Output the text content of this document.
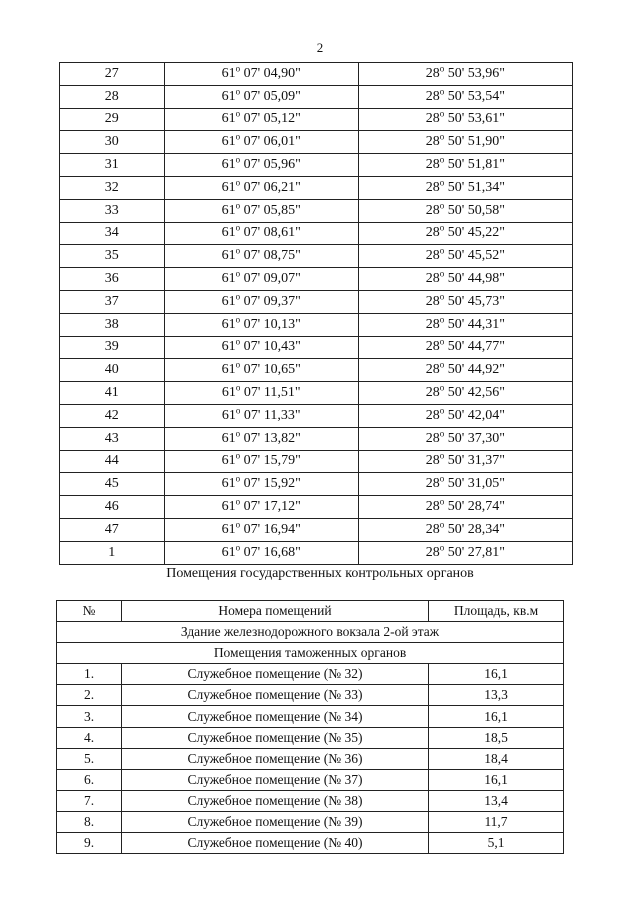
2
27	61$^o$ 07' 04,90"	28$^o$ 50' 53,96"
28	61$^o$ 07' 05,09"	28$^o$ 50' 53,54"
29	61$^o$ 07' 05,12"	28$^o$ 50' 53,61"
30	61$^o$ 07' 06,01"	28$^o$ 50' 51,90"
31	61$^o$ 07' 05,96"	28$^o$ 50' 51,81"
32	61$^o$ 07' 06,21"	28$^o$ 50' 51,34"
33	61$^o$ 07' 05,85"	28$^o$ 50' 50,58"
34	61$^o$ 07' 08,61"	28$^o$ 50' 45,22"
35	61$^o$ 07' 08,75"	28$^o$ 50' 45,52"
36	61$^o$ 07' 09,07"	28$^o$ 50' 44,98"
37	61$^o$ 07' 09,37"	28$^o$ 50' 45,73"
38	61$^o$ 07' 10,13"	28$^o$ 50' 44,31"
39	61$^o$ 07' 10,43"	28$^o$ 50' 44,77"
40	61$^o$ 07' 10,65"	28$^o$ 50' 44,92"
41	61$^o$ 07' 11,51"	28$^o$ 50' 42,56"
42	61$^o$ 07' 11,33"	28$^o$ 50' 42,04"
43	61$^o$ 07' 13,82"	28$^o$ 50' 37,30"
44	61$^o$ 07' 15,79"	28$^o$ 50' 31,37"
45	61$^o$ 07' 15,92"	28$^o$ 50' 31,05"
46	61$^o$ 07' 17,12"	28$^o$ 50' 28,74"
47	61$^o$ 07' 16,94"	28$^o$ 50' 28,34"
1	61$^o$ 07' 16,68"	28$^o$ 50' 27,81"
Помещения государственных контрольных органов
№	Номера помещений	Площадь, кв.м
Здание железнодорожного вокзала 2-ой этаж		
Помещения таможенных органов		
1.	Служебное помещение (№ 32)	16,1
2.	Служебное помещение (№ 33)	13,3
3.	Служебное помещение (№ 34)	16,1
4.	Служебное помещение (№ 35)	18,5
5.	Служебное помещение (№ 36)	18,4
6.	Служебное помещение (№ 37)	16,1
7.	Служебное помещение (№ 38)	13,4
8.	Служебное помещение (№ 39)	11,7
9.	Служебное помещение (№ 40)	5,1
